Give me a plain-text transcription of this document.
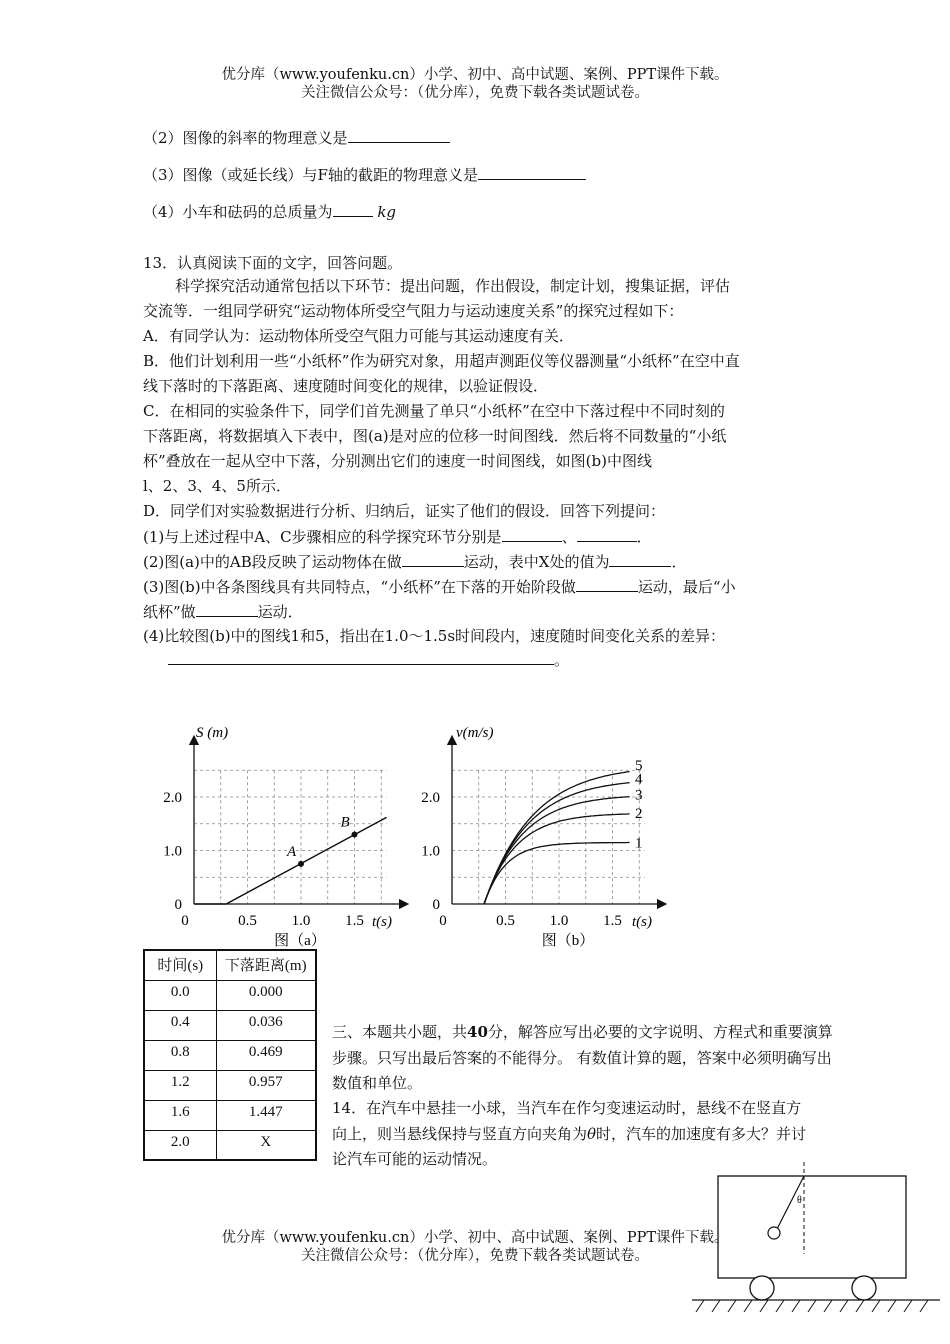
优分库（www.youfenku.cn）小学、初中、高中试题、案例、PPT课件下载。
关注微信公众号：（优分库），免费下载各类试题试卷。
（2）图像的斜率的物理意义是
（3）图像（或延长线）与F轴的截距的物理意义是
（4）小车和砝码的总质量为	kg
13．认真阅读下面的文字，回答问题。
科学探究活动通常包括以下环节：提出问题，作出假设，制定计划，搜集证据，评估
交流等．一组同学研究“运动物体所受空气阻力与运动速度关系”的探究过程如下：
A．有同学认为：运动物体所受空气阻力可能与其运动速度有关．
B．他们计划利用一些“小纸杯”作为研究对象，用超声测距仪等仪器测量“小纸杯”在空中直
线下落时的下落距离、速度随时间变化的规律，以验证假设．
C．在相同的实验条件下，同学们首先测量了单只“小纸杯”在空中下落过程中不同时刻的
下落距离，将数据填入下表中，图(a)是对应的位移一时间图线．然后将不同数量的“小纸
杯”叠放在一起从空中下落，分别测出它们的速度一时间图线，如图(b)中图线
l、2、3、4、5所示．
D．同学们对实验数据进行分析、归纳后，证实了他们的假设．回答下列提问：
(1)与上述过程中A、C步骤相应的科学探究环节分别是	、	．
(2)图(a)中的AB段反映了运动物体在做	运动，表中X处的值为	．
(3)图(b)中各条图线具有共同特点，“小纸杯”在下落的开始阶段做	运动，最后“小
纸杯”做	运动．
(4)比较图(b)中的图线1和5，指出在1.0～1.5s时间段内，速度随时间变化关系的差异：
。
A
B
0	0.5 1.0 1.5
0
1.0
2.0
S (m)
t(s)
图（a）
1
2
3
4
5
0	0.5 1.0 1.5
0
1.0
2.0
v(m/s)
t(s)
图（b）
时间(s)	下落距离(m)
0.0	0.000
0.4	0.036
0.8	0.469
1.2	0.957
1.6	1.447
2.0	X
三、本题共小题，共40分，解答应写出必要的文字说明、方程式和重要演算步骤。只写出最后答案的不能得分。 有数值计算的题，答案中必须明确写出数值和单位。
14．在汽车中悬挂一小球，当汽车在作匀变速运动时，悬线不在竖直方向上，则当悬线保持与竖直方向夹角为θ时，汽车的加速度有多大？并讨论汽车可能的运动情况。
θ
优分库（www.youfenku.cn）小学、初中、高中试题、案例、PPT课件下载。
关注微信公众号：（优分库），免费下载各类试题试卷。
